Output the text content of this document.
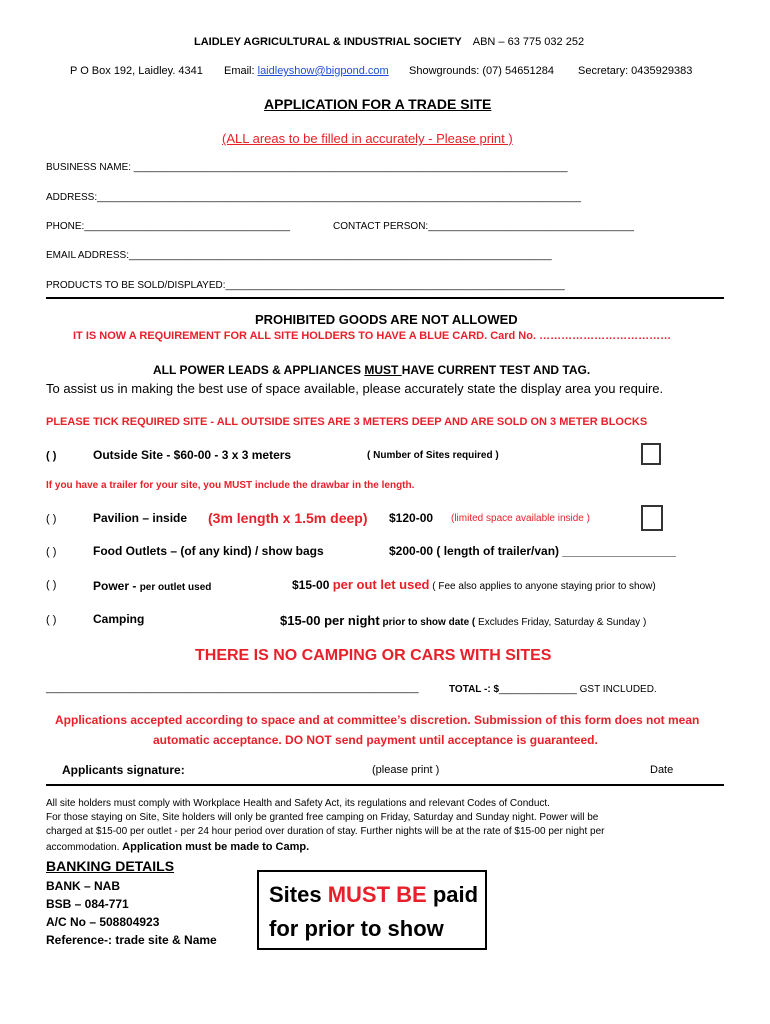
LAIDLEY AGRICULTURAL & INDUSTRIAL SOCIETY ABN – 63 775 032 252
P O Box 192, Laidley. 4341 Email: laidleyshow@bigpond.com Showgrounds: (07) 54651284 Secretary: 0435929383
APPLICATION FOR A TRADE SITE
(ALL areas to be filled in accurately - Please print )
BUSINESS NAME: ______________________________________________________________________________
ADDRESS:_______________________________________________________________________________________
PHONE:_____________________________________	CONTACT PERSON:_____________________________________
EMAIL ADDRESS:____________________________________________________________________________
PRODUCTS TO BE SOLD/DISPLAYED:_____________________________________________________________
PROHIBITED GOODS ARE NOT ALLOWED
IT IS NOW A REQUIREMENT FOR ALL SITE HOLDERS TO HAVE A BLUE CARD. Card No. ………………………………
ALL POWER LEADS & APPLIANCES MUST HAVE CURRENT TEST AND TAG.
To assist us in making the best use of space available, please accurately state the display area you require.
PLEASE TICK REQUIRED SITE - ALL OUTSIDE SITES ARE 3 METERS DEEP AND ARE SOLD ON 3 METER BLOCKS
( )	Outside Site - $60-00 - 3 x 3 meters	( Number of Sites required )
If you have a trailer for your site, you MUST include the drawbar in the length.
( )	Pavilion – inside (3m length x 1.5m deep) $120-00 (limited space available inside )
( )	Food Outlets – (of any kind) / show bags	$200-00 ( length of trailer/van) _________________
( )	Power - per outlet used	$15-00 per out let used ( Fee also applies to anyone staying prior to show)
( )	Camping	$15-00 per night prior to show date ( Excludes Friday, Saturday & Sunday )
THERE IS NO CAMPING OR CARS WITH SITES
___________________________________________________________________	TOTAL -: $______________ GST INCLUDED.
Applications accepted according to space and at committee’s discretion. Submission of this form does not mean
automatic acceptance. DO NOT send payment until acceptance is guaranteed.
Applicants signature:	(please print )	Date
All site holders must comply with Workplace Health and Safety Act, its regulations and relevant Codes of Conduct.
For those staying on Site, Site holders will only be granted free camping on Friday, Saturday and Sunday night. Power will be
charged at $15-00 per outlet - per 24 hour period over duration of stay. Further nights will be at the rate of $15-00 per night per
accommodation. Application must be made to Camp.
BANKING DETAILS
BANK – NAB
BSB – 084-771
A/C No – 508804923
Reference-: trade site & Name
Sites MUST BE paid
for prior to show
